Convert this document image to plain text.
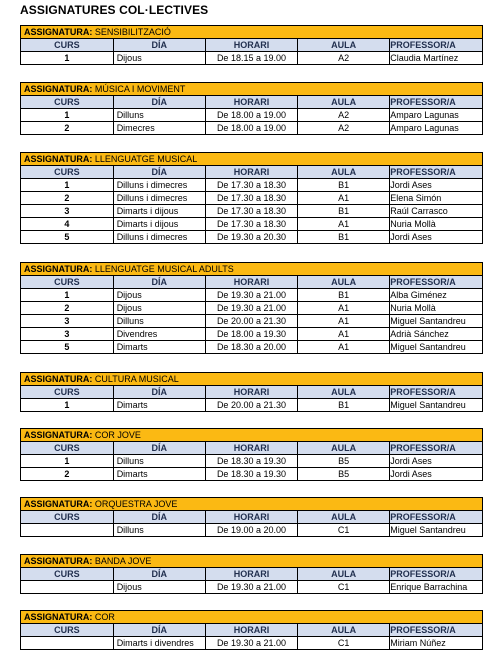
ASSIGNATURES COL·LECTIVES
ASSIGNATURA: SENSIBILITZACIÓ				
CURS	DÍA	HORARI	AULA	PROFESSOR/A
1	Dijous	De 18.15 a 19.00	A2	Claudia Martínez
ASSIGNATURA: MÚSICA I MOVIMENT				
CURS	DÍA	HORARI	AULA	PROFESSOR/A
1	Dilluns	De 18.00 a 19.00	A2	Amparo Lagunas
2	Dimecres	De 18.00 a 19.00	A2	Amparo Lagunas
ASSIGNATURA: LLENGUATGE MUSICAL				
CURS	DÍA	HORARI	AULA	PROFESSOR/A
1	Dilluns i dimecres	De 17.30 a 18.30	B1	Jordi Ases
2	Dilluns i dimecres	De 17.30 a 18.30	A1	Elena Simón
3	Dimarts i dijous	De 17.30 a 18.30	B1	Raúl Carrasco
4	Dimarts i dijous	De 17.30 a 18.30	A1	Nuria Mollà
5	Dilluns i dimecres	De 19.30 a 20.30	B1	Jordi Ases
ASSIGNATURA: LLENGUATGE MUSICAL ADULTS				
CURS	DÍA	HORARI	AULA	PROFESSOR/A
1	Dijous	De 19.30 a 21.00	B1	Alba Giménez
2	Dijous	De 19.30 a 21.00	A1	Nuria Mollà
3	Dilluns	De 20.00 a 21.30	A1	Miguel Santandreu
3	Divendres	De 18.00 a 19.30	A1	Adrià Sánchez
5	Dimarts	De 18.30 a 20.00	A1	Miguel Santandreu
ASSIGNATURA: CULTURA MUSICAL				
CURS	DÍA	HORARI	AULA	PROFESSOR/A
1	Dimarts	De 20.00 a 21.30	B1	Miguel Santandreu
ASSIGNATURA: COR JOVE				
CURS	DÍA	HORARI	AULA	PROFESSOR/A
1	Dilluns	De 18.30 a 19.30	B5	Jordi Ases
2	Dimarts	De 18.30 a 19.30	B5	Jordi Ases
ASSIGNATURA: ORQUESTRA JOVE				
CURS	DÍA	HORARI	AULA	PROFESSOR/A
	Dilluns	De 19.00 a 20.00	C1	Miguel Santandreu
ASSIGNATURA: BANDA JOVE				
CURS	DÍA	HORARI	AULA	PROFESSOR/A
	Dijous	De 19.30 a 21.00	C1	Enrique Barrachina
ASSIGNATURA: COR				
CURS	DÍA	HORARI	AULA	PROFESSOR/A
	Dimarts i divendres	De 19.30 a 21.00	C1	Miriam Núñez
